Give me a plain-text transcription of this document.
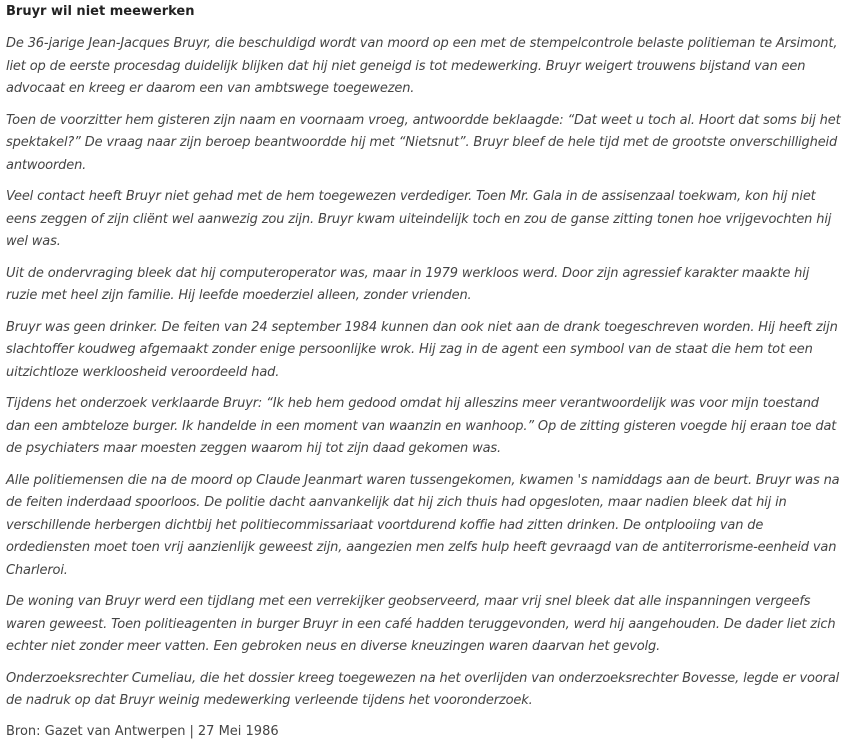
Bruyr wil niet meewerken

De 36-jarige Jean-Jacques Bruyr, die beschuldigd wordt van moord op een met de stempelcontrole belaste politieman te Arsimont, liet op de eerste procesdag duidelijk blijken dat hij niet geneigd is tot medewerking. Bruyr weigert trouwens bijstand van een advocaat en kreeg er daarom een van ambtswege toegewezen.

Toen de voorzitter hem gisteren zijn naam en voornaam vroeg, antwoordde beklaagde: “Dat weet u toch al. Hoort dat soms bij het spektakel?” De vraag naar zijn beroep beantwoordde hij met “Nietsnut”. Bruyr bleef de hele tijd met de grootste onverschilligheid antwoorden.

Veel contact heeft Bruyr niet gehad met de hem toegewezen verdediger. Toen Mr. Gala in de assisenzaal toekwam, kon hij niet eens zeggen of zijn cliënt wel aanwezig zou zijn. Bruyr kwam uiteindelijk toch en zou de ganse zitting tonen hoe vrijgevochten hij wel was.

Uit de ondervraging bleek dat hij computeroperator was, maar in 1979 werkloos werd. Door zijn agressief karakter maakte hij ruzie met heel zijn familie. Hij leefde moederziel alleen, zonder vrienden.

Bruyr was geen drinker. De feiten van 24 september 1984 kunnen dan ook niet aan de drank toegeschreven worden. Hij heeft zijn slachtoffer koudweg afgemaakt zonder enige persoonlijke wrok. Hij zag in de agent een symbool van de staat die hem tot een uitzichtloze werkloosheid veroordeeld had.

Tijdens het onderzoek verklaarde Bruyr: “Ik heb hem gedood omdat hij alleszins meer verantwoordelijk was voor mijn toestand dan een ambteloze burger. Ik handelde in een moment van waanzin en wanhoop.” Op de zitting gisteren voegde hij eraan toe dat de psychiaters maar moesten zeggen waarom hij tot zijn daad gekomen was.

Alle politiemensen die na de moord op Claude Jeanmart waren tussengekomen, kwamen 's namiddags aan de beurt. Bruyr was na de feiten inderdaad spoorloos. De politie dacht aanvankelijk dat hij zich thuis had opgesloten, maar nadien bleek dat hij in verschillende herbergen dichtbij het politiecommissariaat voortdurend koffie had zitten drinken. De ontplooiing van de ordediensten moet toen vrij aanzienlijk geweest zijn, aangezien men zelfs hulp heeft gevraagd van de antiterrorisme-eenheid van Charleroi.

De woning van Bruyr werd een tijdlang met een verrekijker geobserveerd, maar vrij snel bleek dat alle inspanningen vergeefs waren geweest. Toen politieagenten in burger Bruyr in een café hadden teruggevonden, werd hij aangehouden. De dader liet zich echter niet zonder meer vatten. Een gebroken neus en diverse kneuzingen waren daarvan het gevolg.

Onderzoeksrechter Cumeliau, die het dossier kreeg toegewezen na het overlijden van onderzoeksrechter Bovesse, legde er vooral de nadruk op dat Bruyr weinig medewerking verleende tijdens het vooronderzoek.

Bron: Gazet van Antwerpen | 27 Mei 1986
